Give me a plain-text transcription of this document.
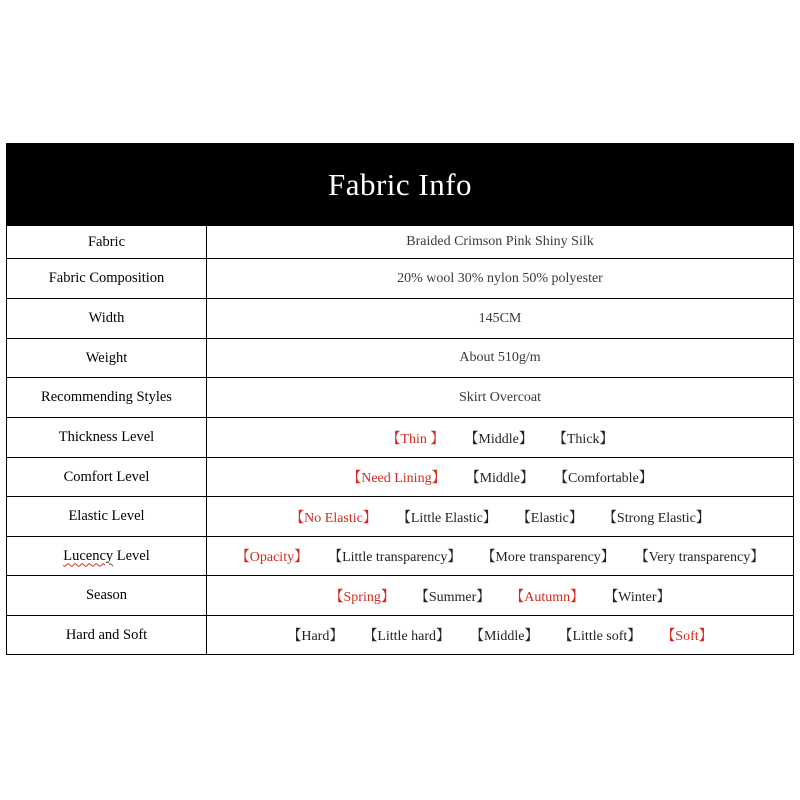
Fabric Info
Fabric	Braided Crimson Pink Shiny Silk
Fabric Composition	20% wool 30% nylon 50% polyester
Width	145CM
Weight	About 510g/m
Recommending Styles	Skirt Overcoat
Thickness Level	【Thin 】 【Middle】 【Thick】
Comfort Level	【Need Lining】 【Middle】 【Comfortable】
Elastic Level	【No Elastic】 【Little Elastic】 【Elastic】 【Strong Elastic】
Lucency Level	【Opacity】 【Little transparency】 【More transparency】 【Very transparency】
Season	【Spring】 【Summer】 【Autumn】 【Winter】
Hard and Soft	【Hard】 【Little hard】 【Middle】 【Little soft】 【Soft】
